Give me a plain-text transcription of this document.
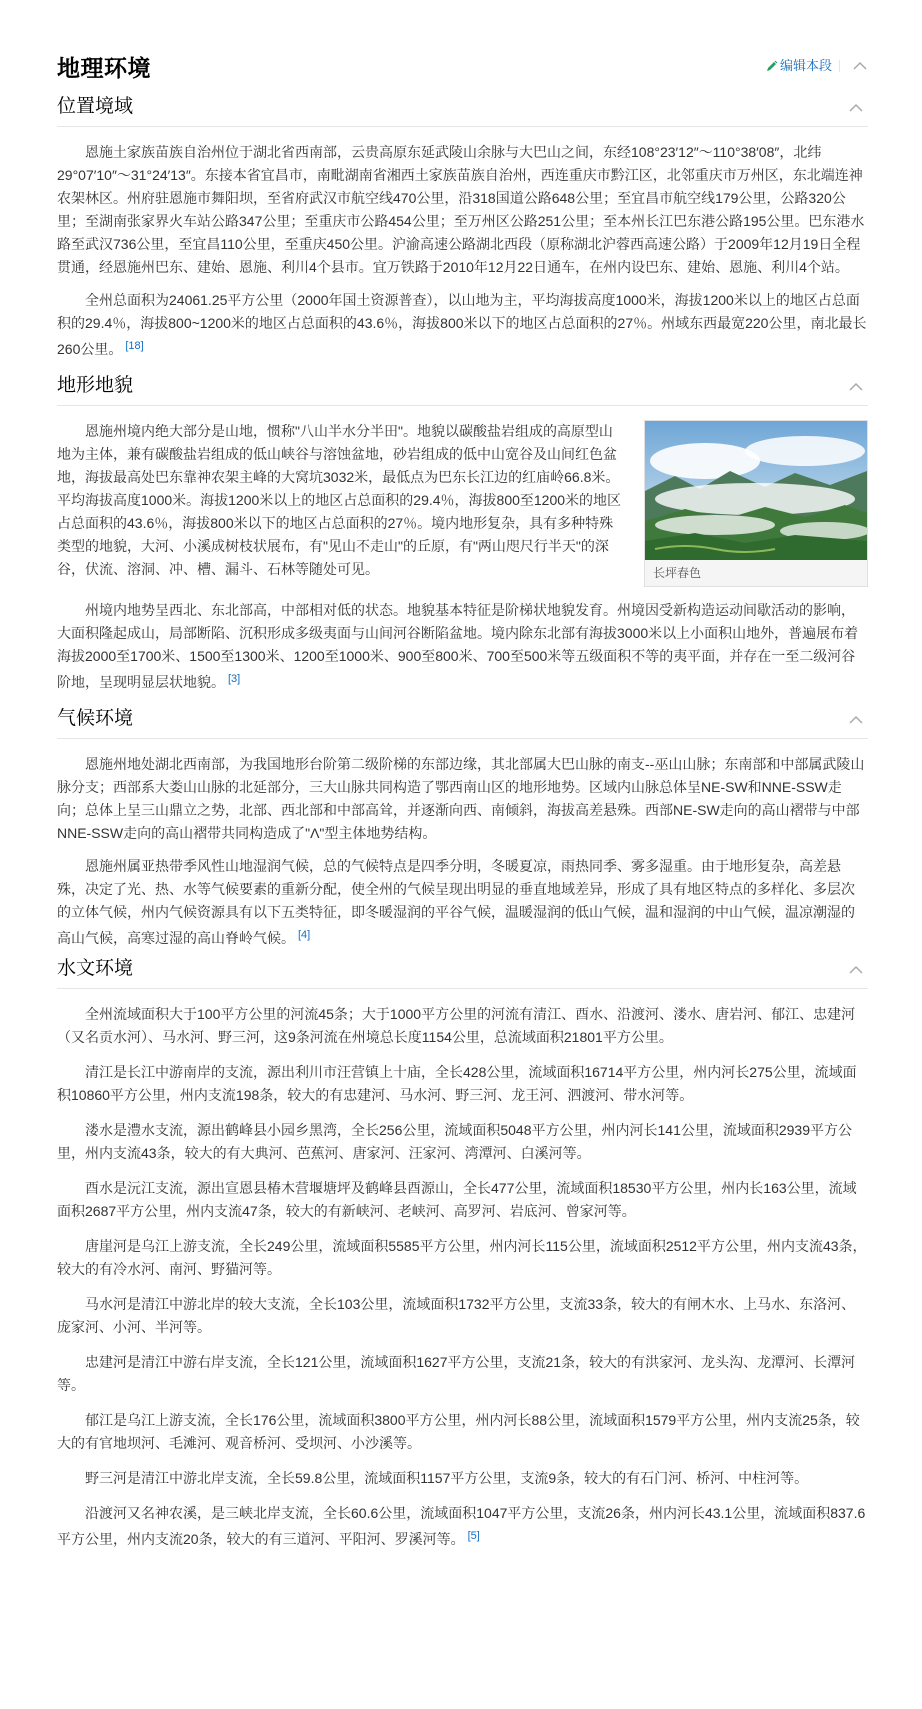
地理环境	编辑本段
位置境域

恩施土家族苗族自治州位于湖北省西南部，云贵高原东延武陵山余脉与大巴山之间，东经108°23′12″～110°38′08″，北纬29°07′10″～31°24′13″。东接本省宜昌市，南毗湖南省湘西土家族苗族自治州，西连重庆市黔江区，北邻重庆市万州区，东北端连神农架林区。州府驻恩施市舞阳坝，至省府武汉市航空线470公里，沿318国道公路648公里；至宜昌市航空线179公里，公路320公里；至湖南张家界火车站公路347公里；至重庆市公路454公里；至万州区公路251公里；至本州长江巴东港公路195公里。巴东港水路至武汉736公里，至宜昌110公里，至重庆450公里。沪渝高速公路湖北西段（原称湖北沪蓉西高速公路）于2009年12月19日全程贯通，经恩施州巴东、建始、恩施、利川4个县市。宜万铁路于2010年12月22日通车，在州内设巴东、建始、恩施、利川4个站。

全州总面积为24061.25平方公里（2000年国土资源普查），以山地为主，平均海拔高度1000米，海拔1200米以上的地区占总面积的29.4％，海拔800~1200米的地区占总面积的43.6％，海拔800米以下的地区占总面积的27％。州域东西最宽220公里，南北最长260公里。 [18]

地形地貌
长坪春色

恩施州境内绝大部分是山地，惯称"八山半水分半田"。地貌以碳酸盐岩组成的高原型山地为主体，兼有碳酸盐岩组成的低山峡谷与溶蚀盆地，砂岩组成的低中山宽谷及山间红色盆地，海拔最高处巴东靠神农架主峰的大窝坑3032米，最低点为巴东长江边的红庙岭66.8米。平均海拔高度1000米。海拔1200米以上的地区占总面积的29.4％，海拔800至1200米的地区占总面积的43.6％，海拔800米以下的地区占总面积的27％。境内地形复杂，具有多种特殊类型的地貌，大河、小溪成树枝状展布，有"见山不走山"的丘原，有"两山咫尺行半天"的深谷，伏流、溶洞、冲、槽、漏斗、石林等随处可见。

州境内地势呈西北、东北部高，中部相对低的状态。地貌基本特征是阶梯状地貌发育。州境因受新构造运动间歇活动的影响，大面积隆起成山，局部断陷、沉积形成多级夷面与山间河谷断陷盆地。境内除东北部有海拔3000米以上小面积山地外，普遍展布着海拔2000至1700米、1500至1300米、1200至1000米、900至800米、700至500米等五级面积不等的夷平面，并存在一至二级河谷阶地，呈现明显层状地貌。 [3]

气候环境

恩施州地处湖北西南部，为我国地形台阶第二级阶梯的东部边缘，其北部属大巴山脉的南支--巫山山脉；东南部和中部属武陵山脉分支；西部系大娄山山脉的北延部分，三大山脉共同构造了鄂西南山区的地形地势。区域内山脉总体呈NE-SW和NNE-SSW走向；总体上呈三山鼎立之势，北部、西北部和中部高耸，并逐渐向西、南倾斜，海拔高差悬殊。西部NE-SW走向的高山褶带与中部NNE-SSW走向的高山褶带共同构造成了"Λ"型主体地势结构。

恩施州属亚热带季风性山地湿润气候，总的气候特点是四季分明，冬暖夏凉，雨热同季、雾多湿重。由于地形复杂，高差悬殊，决定了光、热、水等气候要素的重新分配，使全州的气候呈现出明显的垂直地域差异，形成了具有地区特点的多样化、多层次的立体气候，州内气候资源具有以下五类特征，即冬暖湿润的平谷气候，温暖湿润的低山气候，温和湿润的中山气候，温凉潮湿的高山气候，高寒过湿的高山脊岭气候。 [4]

水文环境

全州流域面积大于100平方公里的河流45条；大于1000平方公里的河流有清江、酉水、沿渡河、溇水、唐岩河、郁江、忠建河（又名贡水河）、马水河、野三河，这9条河流在州境总长度1154公里，总流域面积21801平方公里。

清江是长江中游南岸的支流，源出利川市汪营镇上十庙，全长428公里，流域面积16714平方公里，州内河长275公里，流域面积10860平方公里，州内支流198条，较大的有忠建河、马水河、野三河、龙王河、泗渡河、带水河等。

溇水是澧水支流，源出鹤峰县小园乡黑湾，全长256公里，流域面积5048平方公里，州内河长141公里，流域面积2939平方公里，州内支流43条，较大的有大典河、芭蕉河、唐家河、汪家河、湾潭河、白溪河等。

酉水是沅江支流，源出宣恩县椿木营堰塘坪及鹤峰县酉源山，全长477公里，流域面积18530平方公里，州内长163公里，流域面积2687平方公里，州内支流47条，较大的有新峡河、老峡河、高罗河、岩底河、曾家河等。

唐崖河是乌江上游支流，全长249公里，流域面积5585平方公里，州内河长115公里，流域面积2512平方公里，州内支流43条，较大的有冷水河、南河、野猫河等。

马水河是清江中游北岸的较大支流，全长103公里，流域面积1732平方公里，支流33条，较大的有闸木水、上马水、东洛河、庞家河、小河、半河等。

忠建河是清江中游右岸支流，全长121公里，流域面积1627平方公里，支流21条，较大的有洪家河、龙头沟、龙潭河、长潭河等。

郁江是乌江上游支流，全长176公里，流域面积3800平方公里，州内河长88公里，流域面积1579平方公里，州内支流25条，较大的有官地坝河、毛滩河、观音桥河、受坝河、小沙溪等。

野三河是清江中游北岸支流，全长59.8公里，流域面积1157平方公里，支流9条，较大的有石门河、桥河、中柱河等。

沿渡河又名神农溪，是三峡北岸支流，全长60.6公里，流域面积1047平方公里，支流26条，州内河长43.1公里，流域面积837.6平方公里，州内支流20条，较大的有三道河、平阳河、罗溪河等。 [5]
